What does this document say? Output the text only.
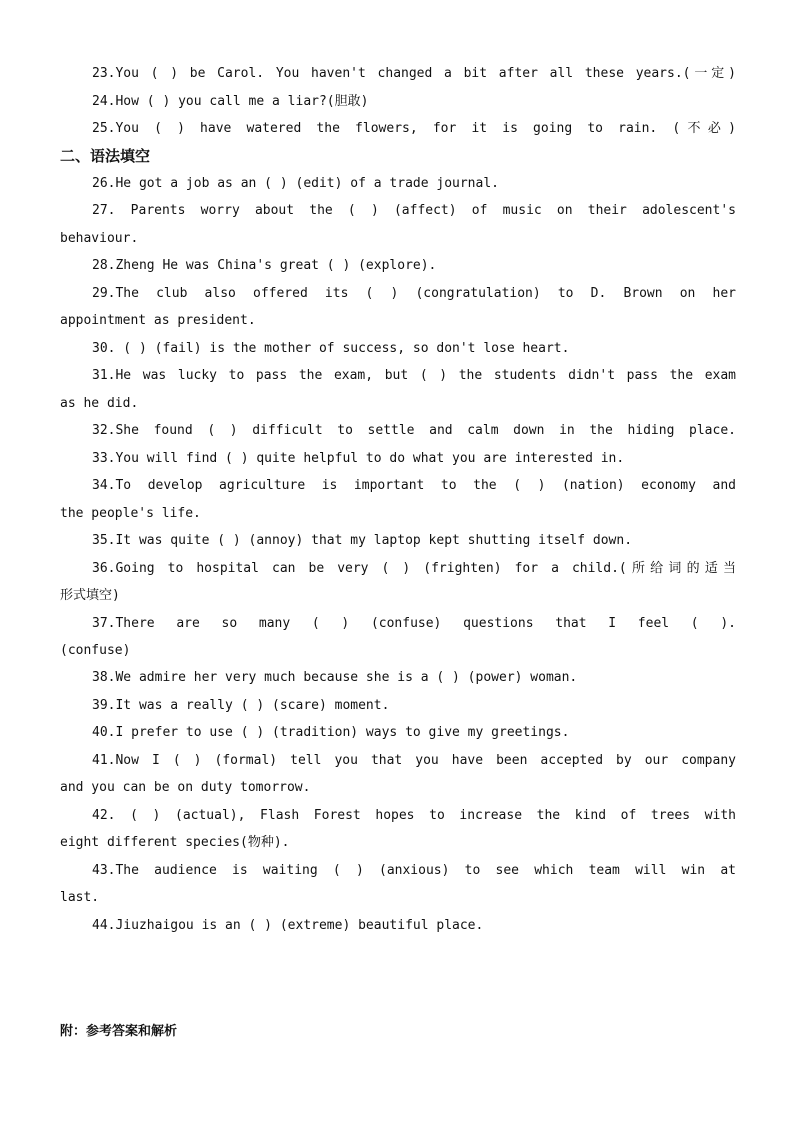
23.You ( ) be Carol. You haven't changed a bit after all these years.(一定)
24.How ( ) you call me a liar?(胆敢)
25.You ( ) have watered the flowers, for it is going to rain. (不必)
二、语法填空
26.He got a job as an ( ) (edit) of a trade journal.
27. Parents worry about the ( ) (affect) of music on their adolescent's
behaviour.
28.Zheng He was China's great ( ) (explore).
29.The club also offered its ( ) (congratulation) to D. Brown on her
appointment as president.
30. ( ) (fail) is the mother of success, so don't lose heart.
31.He was lucky to pass the exam, but ( ) the students didn't pass the exam
as he did.
32.She found ( ) difficult to settle and calm down in the hiding place.
33.You will find ( ) quite helpful to do what you are interested in.
34.To develop agriculture is important to the ( ) (nation) economy and
the people's life.
35.It was quite ( ) (annoy) that my laptop kept shutting itself down.
36.Going to hospital can be very ( ) (frighten) for a child.(所给词的适当
形式填空)
37.There are so many ( ) (confuse) questions that I feel ( ).
(confuse)
38.We admire her very much because she is a ( ) (power) woman.
39.It was a really ( ) (scare) moment.
40.I prefer to use ( ) (tradition) ways to give my greetings.
41.Now I ( ) (formal) tell you that you have been accepted by our company
and you can be on duty tomorrow.
42. ( ) (actual), Flash Forest hopes to increase the kind of trees with
eight different species(物种).
43.The audience is waiting ( ) (anxious) to see which team will win at
last.
44.Jiuzhaigou is an ( ) (extreme) beautiful place.
附：参考答案和解析
